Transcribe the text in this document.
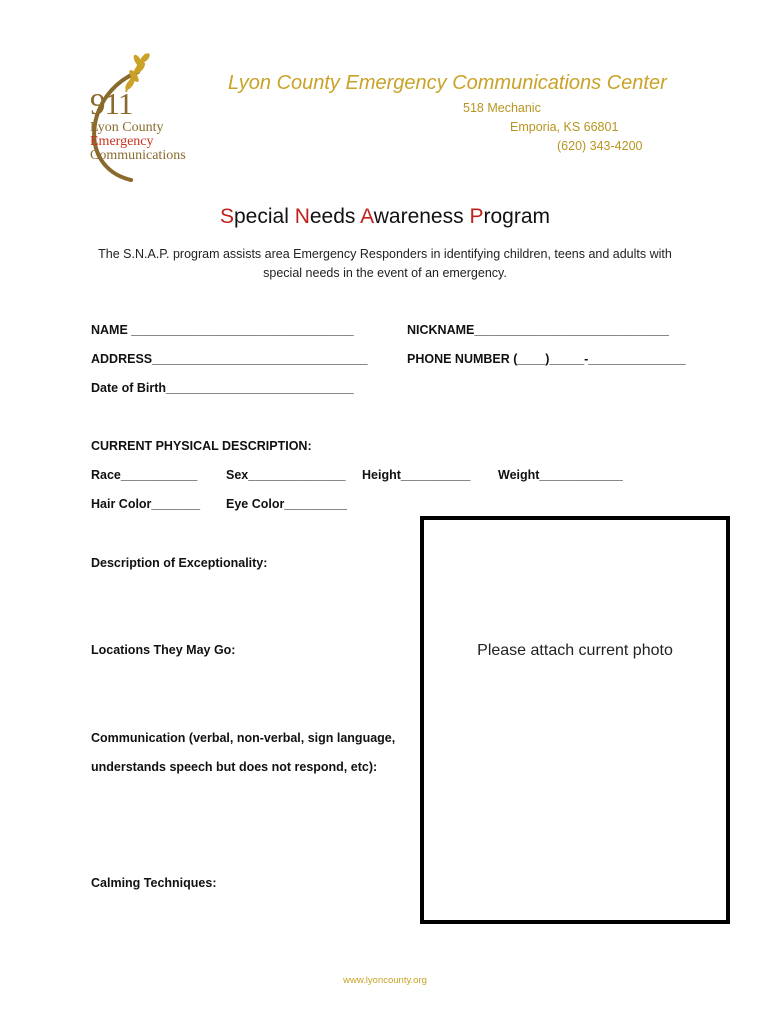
911
Lyon County
Emergency
Communications
Lyon County Emergency Communications Center
518 Mechanic
Emporia, KS 66801
(620) 343-4200
Special Needs Awareness Program
The S.N.A.P. program assists area Emergency Responders in identifying children, teens and adults with special needs in the event of an emergency.
NAME ________________________________	NICKNAME____________________________
ADDRESS_______________________________	PHONE NUMBER (____)_____-______________
Date of Birth___________________________
CURRENT PHYSICAL DESCRIPTION:
Race___________ Sex______________ Height__________ Weight____________
Hair Color_______ Eye Color_________
Description of Exceptionality:
Locations They May Go:
Communication (verbal, non-verbal, sign language,
understands speech but does not respond, etc):
Calming Techniques:
Please attach current photo
www.lyoncounty.org
